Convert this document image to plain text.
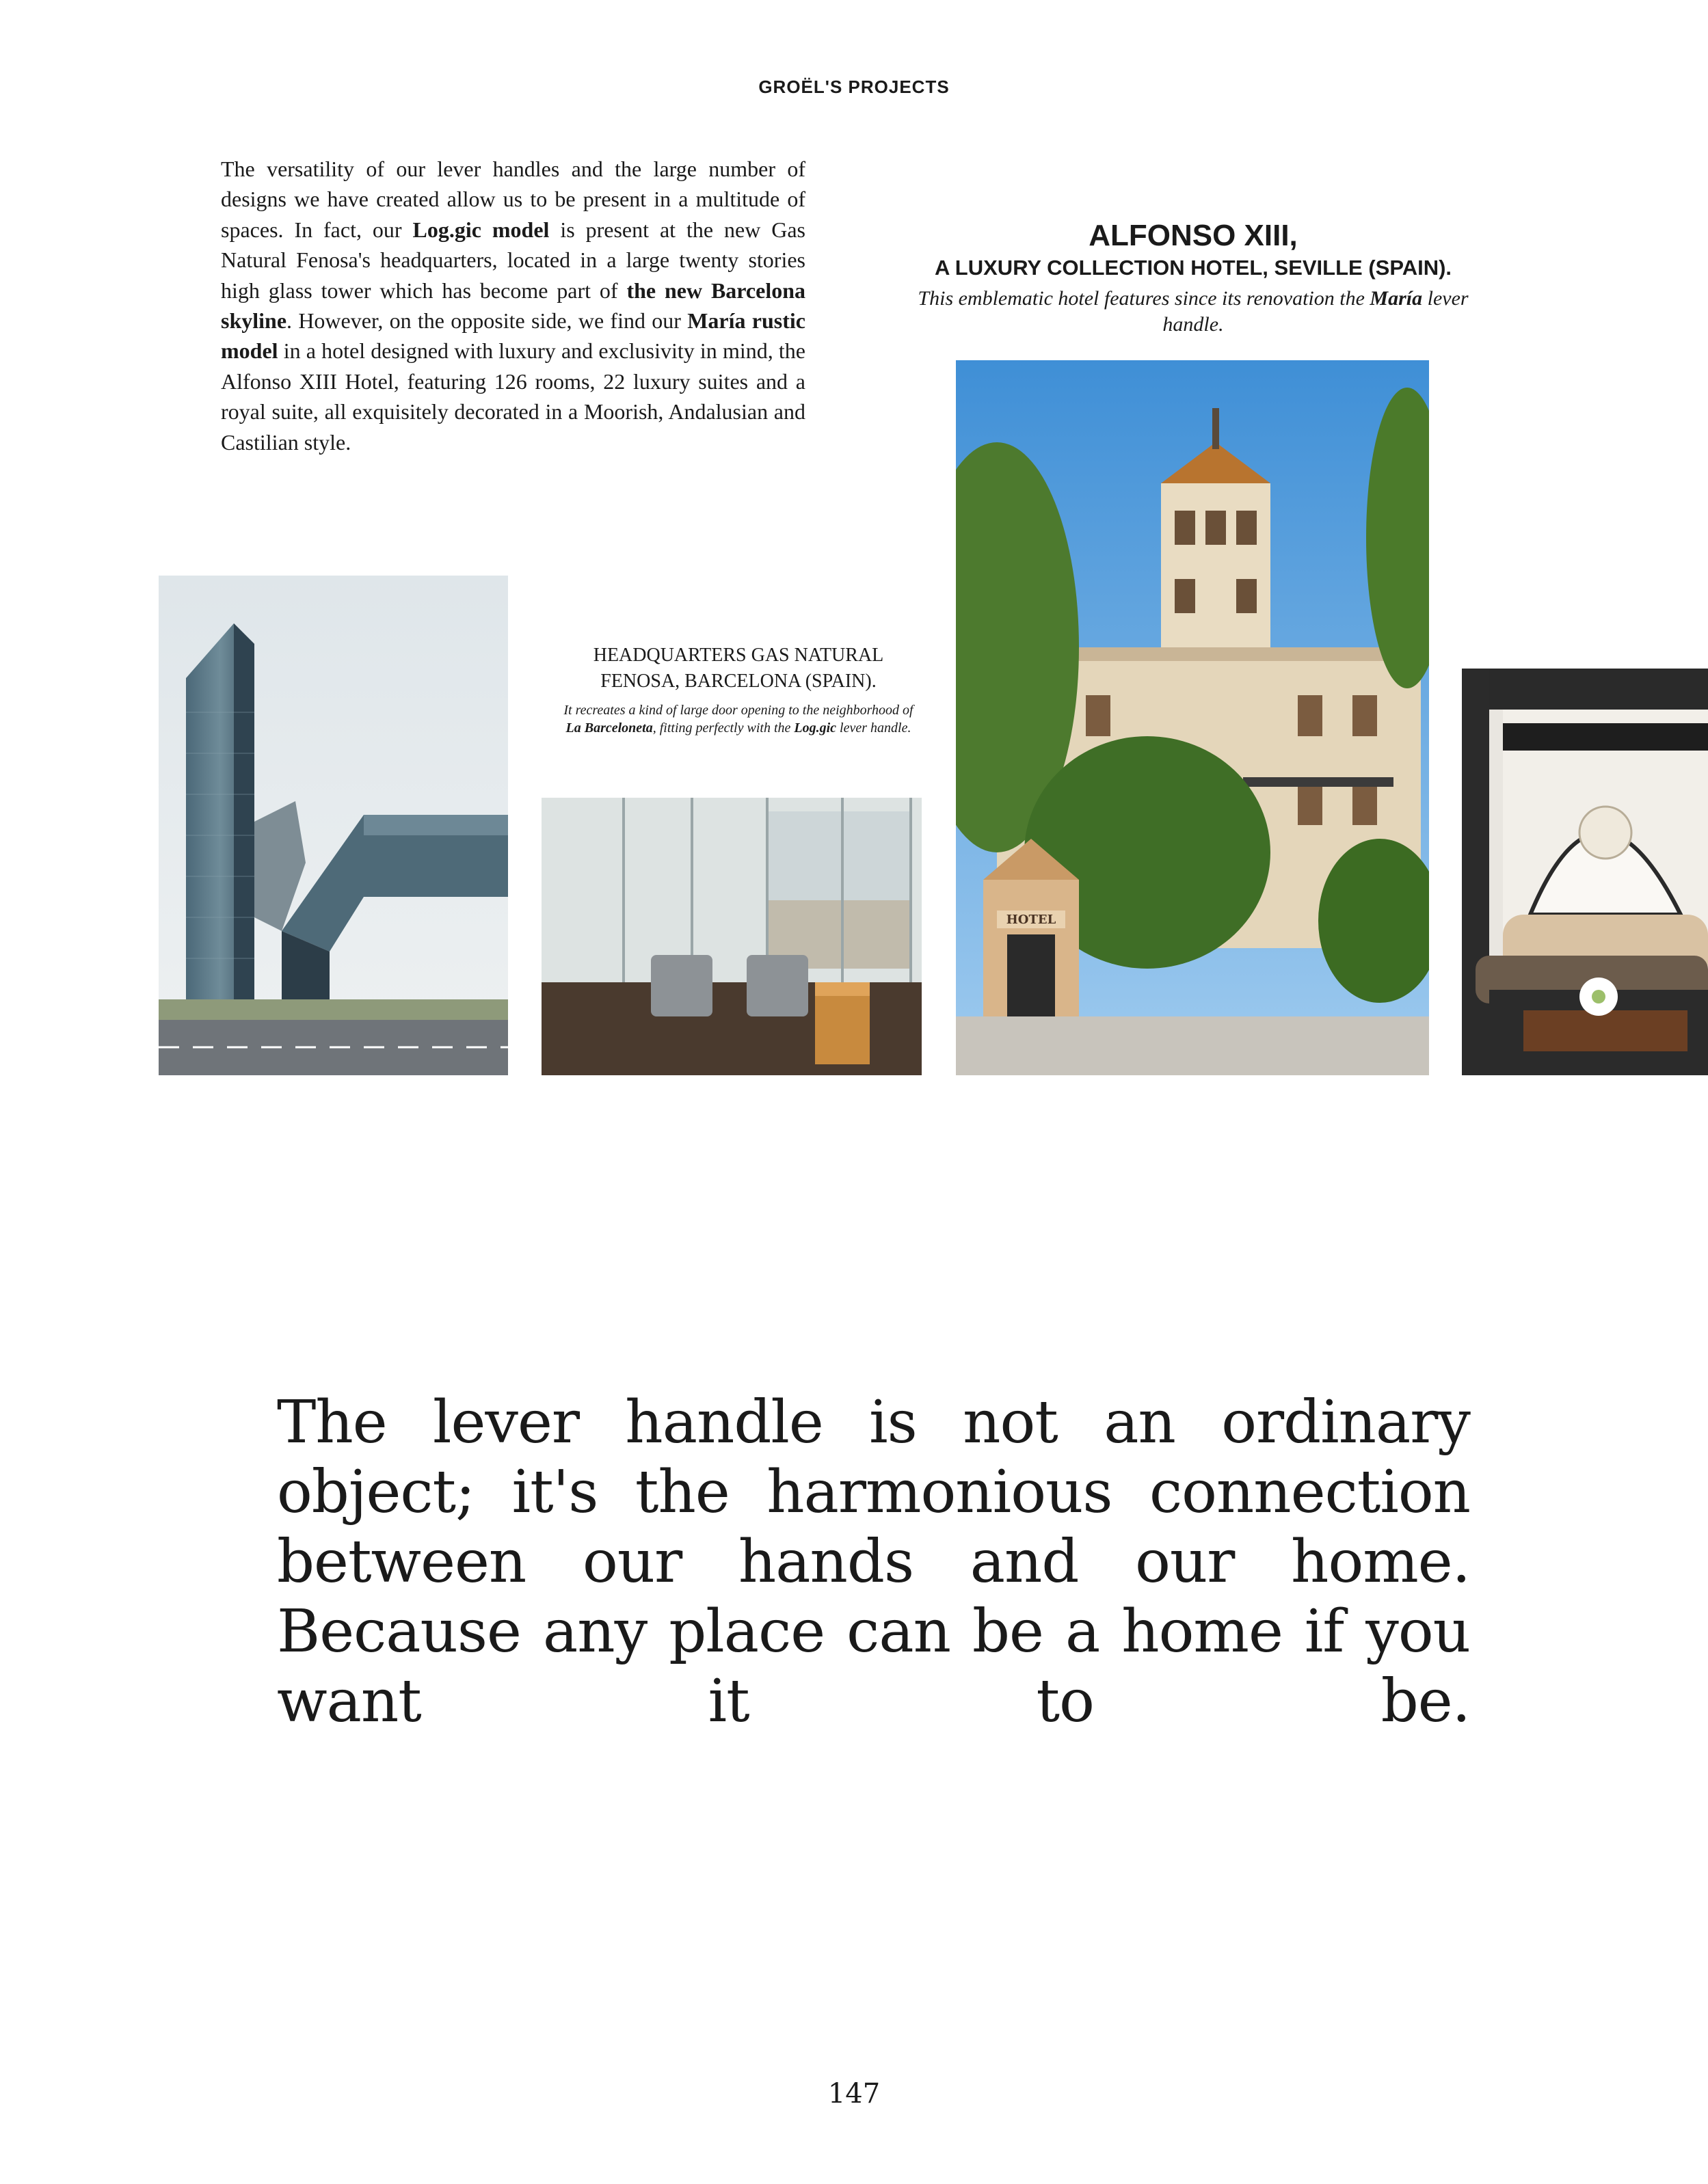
GROËL'S PROJECTS

The versatility of our lever handles and the large number of designs we have created allow us to be present in a multitude of spaces. In fact, our Log.gic model is present at the new Gas Natural Fenosa's headquarters, located in a large twenty stories high glass tower which has become part of the new Barcelona skyline. However, on the opposite side, we find our María rustic model in a hotel designed with luxury and exclusivity in mind, the Alfonso XIII Hotel, featuring 126 rooms, 22 luxury suites and a royal suite, all exquisitely decorated in a Moorish, Andalusian and Castilian style.

ALFONSO XIII,

A LUXURY COLLECTION HOTEL, SEVILLE (SPAIN).

This emblematic hotel features since its renovation the María lever handle.

HEADQUARTERS GAS NATURAL FENOSA, BARCELONA (SPAIN).

It recreates a kind of large door opening to the neighborhood of La Barceloneta, fitting perfectly with the Log.gic lever handle.

HOTEL

The lever handle is not an ordinary object; it's the harmonious connection between our hands and our home. Because any place can be a home if you want it to be.

147
